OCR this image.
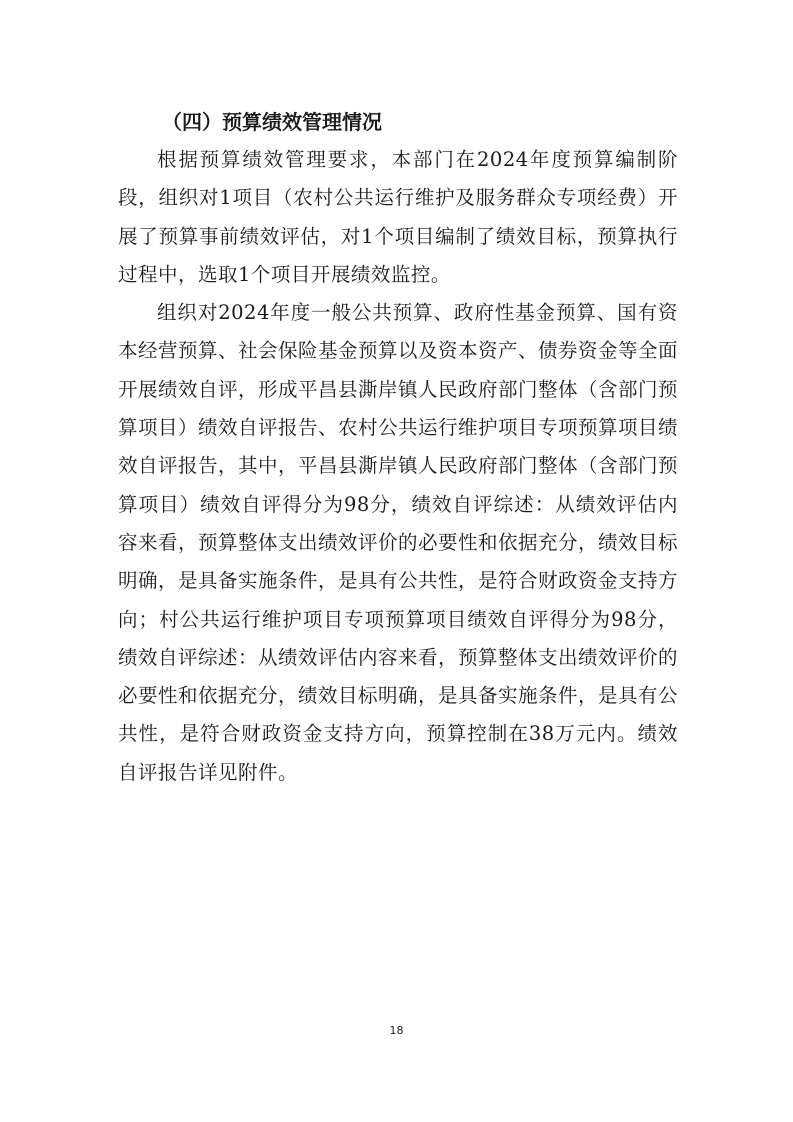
（四）预算绩效管理情况

根据预算绩效管理要求，本部门在2024年度预算编制阶段，组织对1项目（农村公共运行维护及服务群众专项经费）开展了预算事前绩效评估，对1个项目编制了绩效目标，预算执行过程中，选取1个项目开展绩效监控。

组织对2024年度一般公共预算、政府性基金预算、国有资本经营预算、社会保险基金预算以及资本资产、债券资金等全面开展绩效自评，形成平昌县澌岸镇人民政府部门整体（含部门预算项目）绩效自评报告、农村公共运行维护项目专项预算项目绩效自评报告，其中，平昌县澌岸镇人民政府部门整体（含部门预算项目）绩效自评得分为98分，绩效自评综述：从绩效评估内容来看，预算整体支出绩效评价的必要性和依据充分，绩效目标明确，是具备实施条件，是具有公共性，是符合财政资金支持方向；村公共运行维护项目专项预算项目绩效自评得分为98分，绩效自评综述：从绩效评估内容来看，预算整体支出绩效评价的必要性和依据充分，绩效目标明确，是具备实施条件，是具有公共性，是符合财政资金支持方向，预算控制在38万元内。绩效自评报告详见附件。

18
